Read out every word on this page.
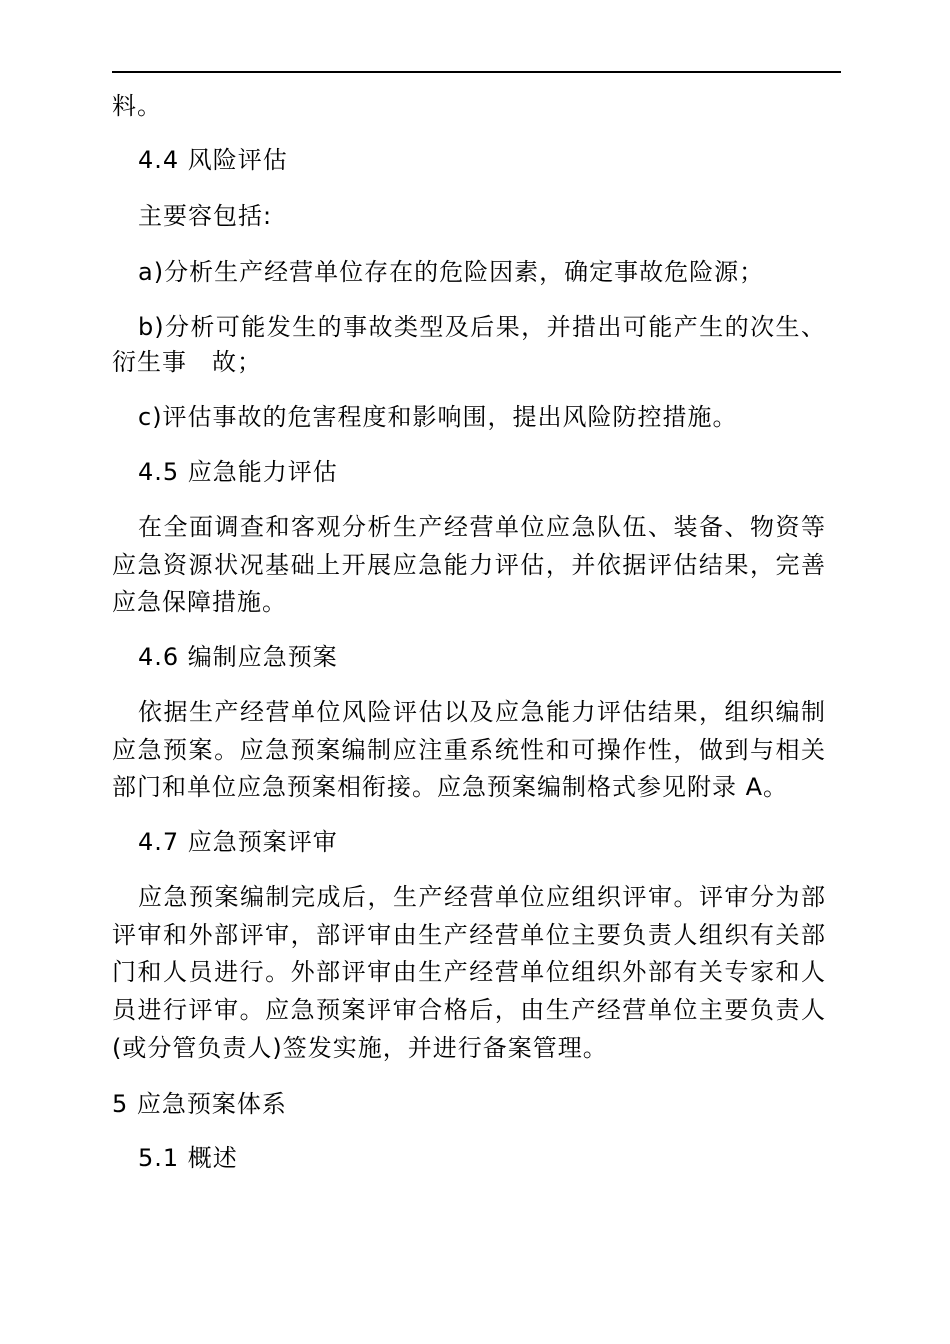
料。
4.4 风险评估
主要容包括:
a)分析生产经营单位存在的危险因素，确定事故危险源；
b)分析可能发生的事故类型及后果，并措出可能产生的次生、
衍生事　故；
c)评估事故的危害程度和影响围，提出风险防控措施。
4.5 应急能力评估
在全面调查和客观分析生产经营单位应急队伍、装备、物资等
应急资源状况基础上开展应急能力评估，并依据评估结果，完善
应急保障措施。
4.6 编制应急预案
依据生产经营单位风险评估以及应急能力评估结果，组织编制
应急预案。应急预案编制应注重系统性和可操作性，做到与相关
部门和单位应急预案相衔接。应急预案编制格式参见附录 A。
4.7 应急预案评审
应急预案编制完成后，生产经营单位应组织评审。评审分为部
评审和外部评审，部评审由生产经营单位主要负责人组织有关部
门和人员进行。外部评审由生产经营单位组织外部有关专家和人
员进行评审。应急预案评审合格后，由生产经营单位主要负责人
(或分管负责人)签发实施，并进行备案管理。
5 应急预案体系
5.1 概述
